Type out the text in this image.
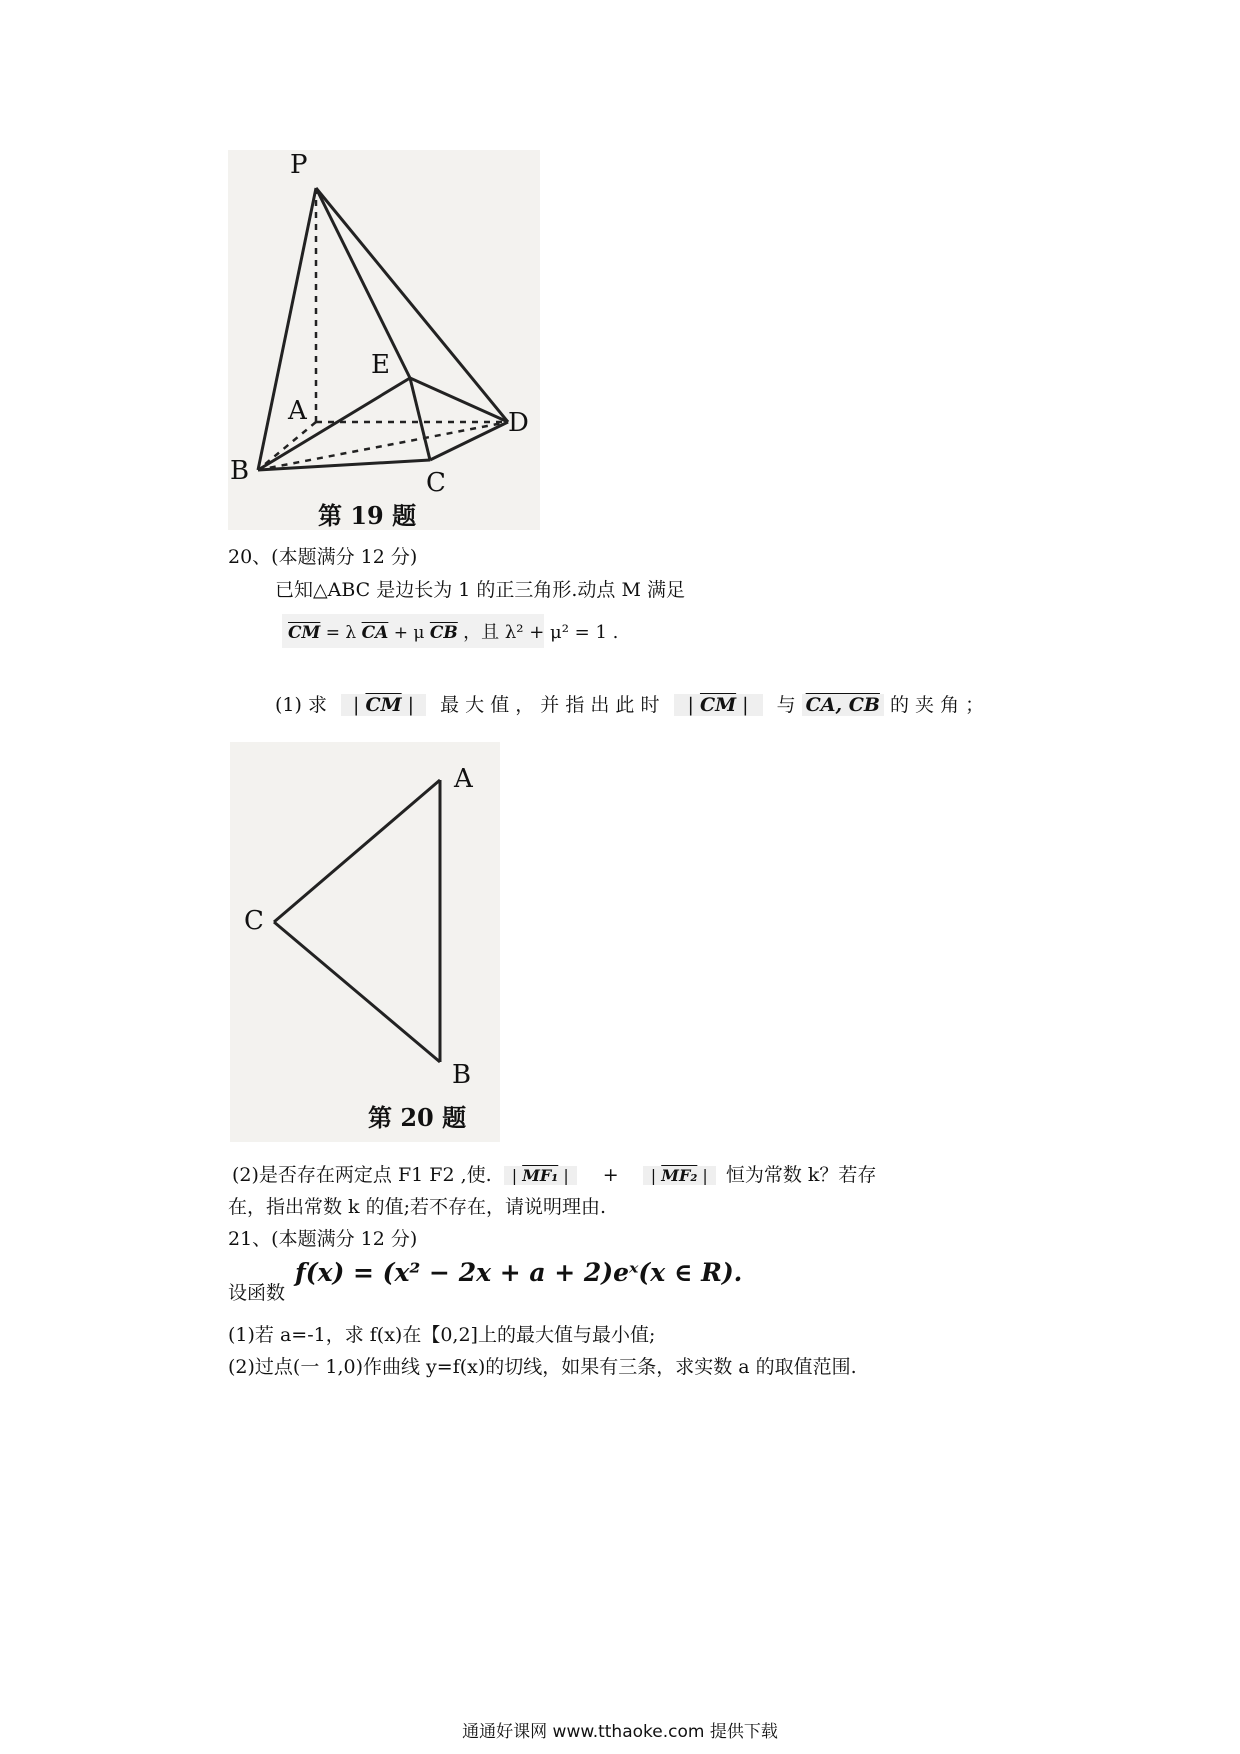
P
E
A	D
B	C
第 19 题
20、(本题满分 12 分)
已知△ABC 是边长为 1 的正三角形.动点 M 满足
$\overline{CM} = \lambda$ $\overline{CA} + \mu$ $\overline{CB}$ ，且 λ² + μ² = 1 .
(1) 求 | $\overline{CM}$ | 最 大 值 ， 并 指 出 此 时 | $\overline{CM}$ | 与 CA, CB 的 夹 角 ；
A
C
B
第 20 题
(2)是否存在两定点 F1 F2 ,使. | MF₁ | + | MF₂ | 恒为常数 k？若存
在，指出常数 k 的值;若不存在，请说明理由.
21、(本题满分 12 分)
设函数
f(x) = (x² − 2x + a + 2)eˣ(x ∈ R).
(1)若 a=-1，求 f(x)在【0,2]上的最大值与最小值;
(2)过点(一 1,0)作曲线 y=f(x)的切线，如果有三条，求实数 a 的取值范围.
通通好课网 www.tthaoke.com 提供下载
